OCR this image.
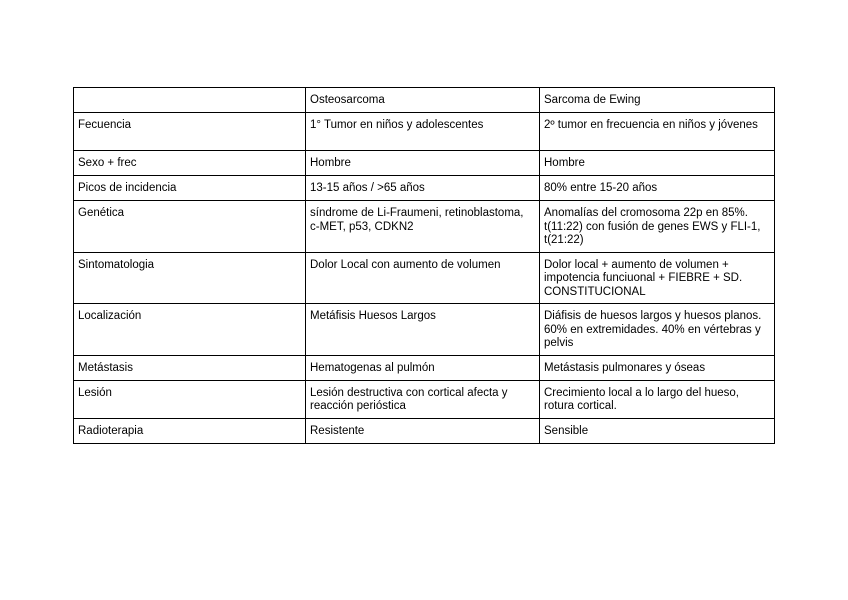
	Osteosarcoma	Sarcoma de Ewing
Fecuencia	1° Tumor en niños y adolescentes	2º tumor en frecuencia en niños y jóvenes
Sexo + frec	Hombre	Hombre
Picos de incidencia	13-15 años / >65 años	80% entre 15-20 años
Genética	síndrome de Li-Fraumeni, retinoblastoma, c-MET, p53, CDKN2	Anomalías del cromosoma 22p en 85%. t(11:22) con fusión de genes EWS y FLI-1, t(21:22)
Sintomatologia	Dolor Local con aumento de volumen	Dolor local + aumento de volumen + impotencia funciuonal + FIEBRE + SD. CONSTITUCIONAL
Localización	Metáfisis Huesos Largos	Diáfisis de huesos largos y huesos planos. 60% en extremidades. 40% en vértebras y pelvis
Metástasis	Hematogenas al pulmón	Metástasis pulmonares y óseas
Lesión	Lesión destructiva con cortical afecta y reacción perióstica	Crecimiento local a lo largo del hueso, rotura cortical.
Radioterapia	Resistente	Sensible
